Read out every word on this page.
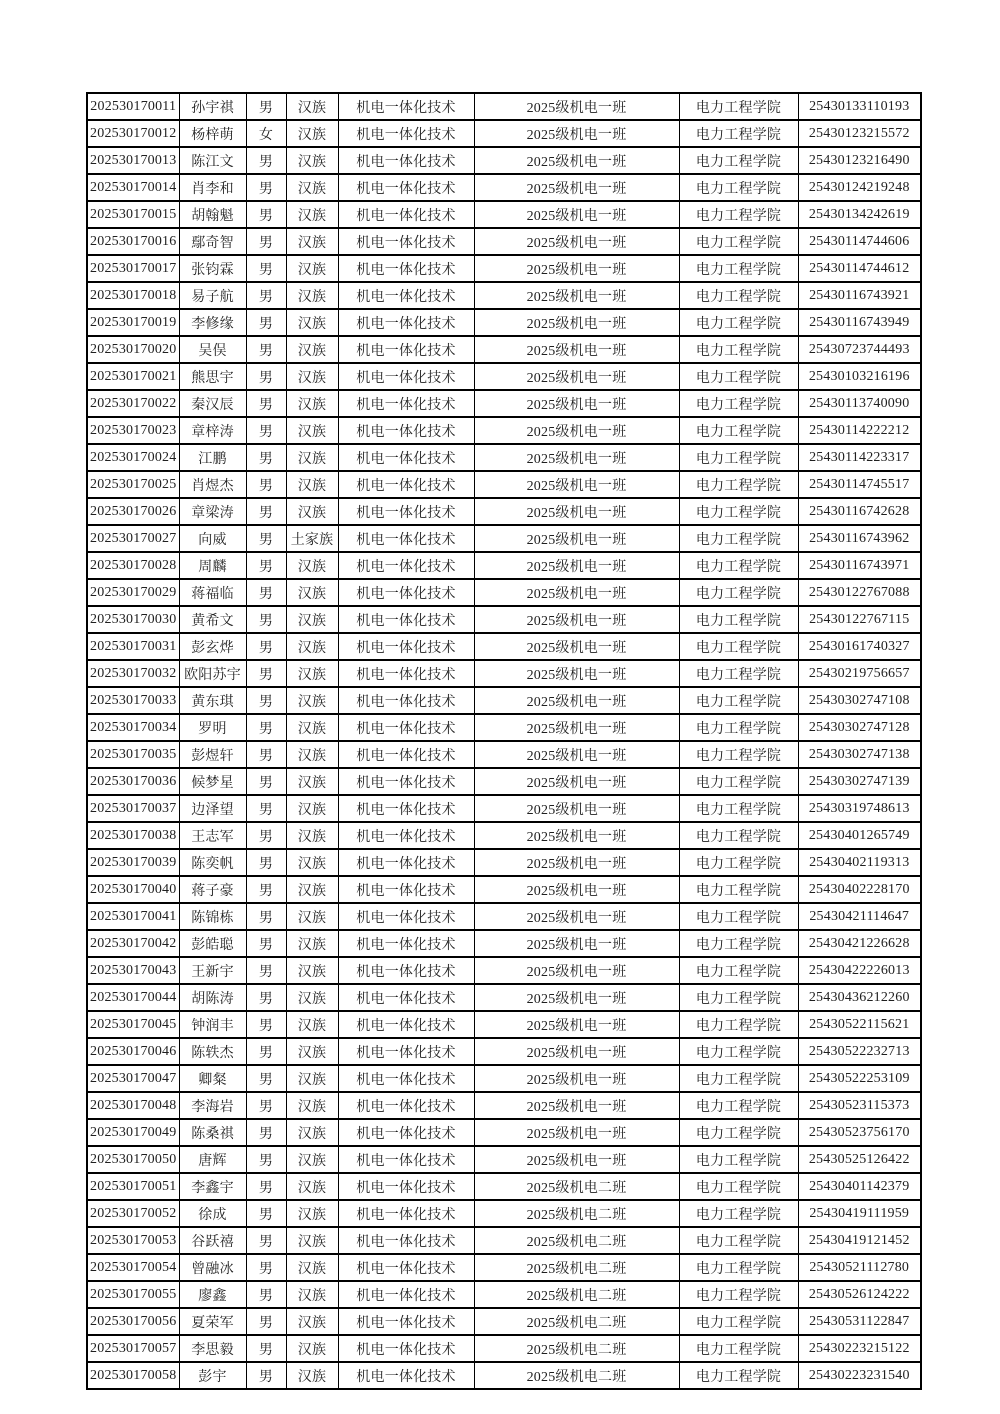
202530170011	孙宇祺	男	汉族	机电一体化技术	2025级机电一班	电力工程学院	25430133110193
202530170012	杨梓萌	女	汉族	机电一体化技术	2025级机电一班	电力工程学院	25430123215572
202530170013	陈江文	男	汉族	机电一体化技术	2025级机电一班	电力工程学院	25430123216490
202530170014	肖李和	男	汉族	机电一体化技术	2025级机电一班	电力工程学院	25430124219248
202530170015	胡翰魁	男	汉族	机电一体化技术	2025级机电一班	电力工程学院	25430134242619
202530170016	鄢奇智	男	汉族	机电一体化技术	2025级机电一班	电力工程学院	25430114744606
202530170017	张钧霖	男	汉族	机电一体化技术	2025级机电一班	电力工程学院	25430114744612
202530170018	易子航	男	汉族	机电一体化技术	2025级机电一班	电力工程学院	25430116743921
202530170019	李修缘	男	汉族	机电一体化技术	2025级机电一班	电力工程学院	25430116743949
202530170020	吴俣	男	汉族	机电一体化技术	2025级机电一班	电力工程学院	25430723744493
202530170021	熊思宇	男	汉族	机电一体化技术	2025级机电一班	电力工程学院	25430103216196
202530170022	秦汉辰	男	汉族	机电一体化技术	2025级机电一班	电力工程学院	25430113740090
202530170023	章梓涛	男	汉族	机电一体化技术	2025级机电一班	电力工程学院	25430114222212
202530170024	江鹏	男	汉族	机电一体化技术	2025级机电一班	电力工程学院	25430114223317
202530170025	肖煜杰	男	汉族	机电一体化技术	2025级机电一班	电力工程学院	25430114745517
202530170026	章梁涛	男	汉族	机电一体化技术	2025级机电一班	电力工程学院	25430116742628
202530170027	向威	男	土家族	机电一体化技术	2025级机电一班	电力工程学院	25430116743962
202530170028	周麟	男	汉族	机电一体化技术	2025级机电一班	电力工程学院	25430116743971
202530170029	蒋福临	男	汉族	机电一体化技术	2025级机电一班	电力工程学院	25430122767088
202530170030	黄希文	男	汉族	机电一体化技术	2025级机电一班	电力工程学院	25430122767115
202530170031	彭玄烨	男	汉族	机电一体化技术	2025级机电一班	电力工程学院	25430161740327
202530170032	欧阳苏宇	男	汉族	机电一体化技术	2025级机电一班	电力工程学院	25430219756657
202530170033	黄东琪	男	汉族	机电一体化技术	2025级机电一班	电力工程学院	25430302747108
202530170034	罗明	男	汉族	机电一体化技术	2025级机电一班	电力工程学院	25430302747128
202530170035	彭煜轩	男	汉族	机电一体化技术	2025级机电一班	电力工程学院	25430302747138
202530170036	候梦星	男	汉族	机电一体化技术	2025级机电一班	电力工程学院	25430302747139
202530170037	边泽望	男	汉族	机电一体化技术	2025级机电一班	电力工程学院	25430319748613
202530170038	王志军	男	汉族	机电一体化技术	2025级机电一班	电力工程学院	25430401265749
202530170039	陈奕帆	男	汉族	机电一体化技术	2025级机电一班	电力工程学院	25430402119313
202530170040	蒋子豪	男	汉族	机电一体化技术	2025级机电一班	电力工程学院	25430402228170
202530170041	陈锦栋	男	汉族	机电一体化技术	2025级机电一班	电力工程学院	25430421114647
202530170042	彭皓聪	男	汉族	机电一体化技术	2025级机电一班	电力工程学院	25430421226628
202530170043	王新宇	男	汉族	机电一体化技术	2025级机电一班	电力工程学院	25430422226013
202530170044	胡陈涛	男	汉族	机电一体化技术	2025级机电一班	电力工程学院	25430436212260
202530170045	钟润丰	男	汉族	机电一体化技术	2025级机电一班	电力工程学院	25430522115621
202530170046	陈轶杰	男	汉族	机电一体化技术	2025级机电一班	电力工程学院	25430522232713
202530170047	卿粲	男	汉族	机电一体化技术	2025级机电一班	电力工程学院	25430522253109
202530170048	李海岩	男	汉族	机电一体化技术	2025级机电一班	电力工程学院	25430523115373
202530170049	陈桑祺	男	汉族	机电一体化技术	2025级机电一班	电力工程学院	25430523756170
202530170050	唐辉	男	汉族	机电一体化技术	2025级机电一班	电力工程学院	25430525126422
202530170051	李鑫宇	男	汉族	机电一体化技术	2025级机电二班	电力工程学院	25430401142379
202530170052	徐成	男	汉族	机电一体化技术	2025级机电二班	电力工程学院	25430419111959
202530170053	谷跃禧	男	汉族	机电一体化技术	2025级机电二班	电力工程学院	25430419121452
202530170054	曾融冰	男	汉族	机电一体化技术	2025级机电二班	电力工程学院	25430521112780
202530170055	廖鑫	男	汉族	机电一体化技术	2025级机电二班	电力工程学院	25430526124222
202530170056	夏荣军	男	汉族	机电一体化技术	2025级机电二班	电力工程学院	25430531122847
202530170057	李思毅	男	汉族	机电一体化技术	2025级机电二班	电力工程学院	25430223215122
202530170058	彭宇	男	汉族	机电一体化技术	2025级机电二班	电力工程学院	25430223231540
